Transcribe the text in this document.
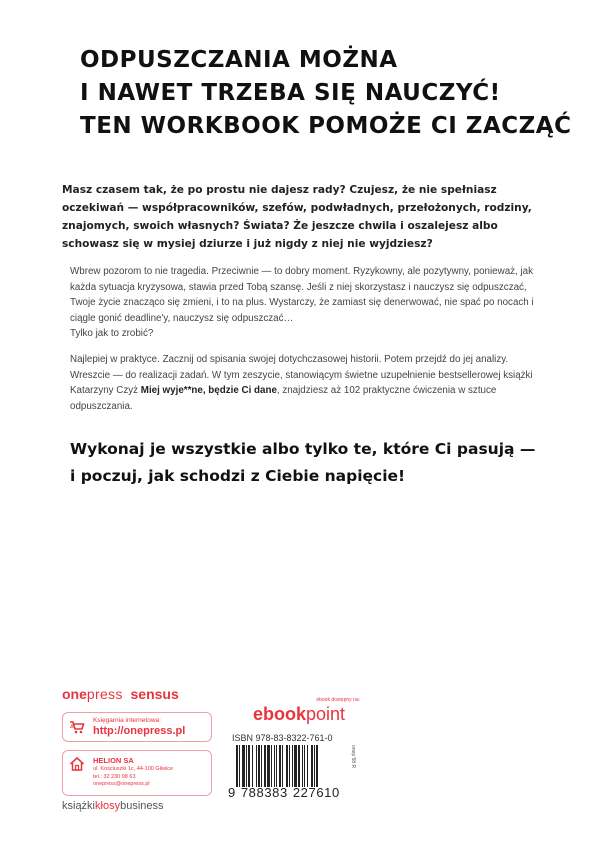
ODPUSZCZANIA MOŻNA
I NAWET TRZEBA SIĘ NAUCZYĆ!
TEN WORKBOOK POMOŻE CI ZACZĄĆ

Masz czasem tak, że po prostu nie dajesz rady? Czujesz, że nie spełniasz oczekiwań — współpracowników, szefów, podwładnych, przełożonych, rodziny, znajomych, swoich własnych? Świata? Że jeszcze chwila i oszalejesz albo schowasz się w mysiej dziurze i już nigdy z niej nie wyjdziesz?

Wbrew pozorom to nie tragedia. Przeciwnie — to dobry moment. Ryzykowny, ale pozytywny, ponieważ, jak każda sytuacja kryzysowa, stawia przed Tobą szansę. Jeśli z niej skorzystasz i nauczysz się odpuszczać, Twoje życie znacząco się zmieni, i to na plus. Wystarczy, że zamiast się denerwować, nie spać po nocach i ciągle gonić deadline'y, nauczysz się odpuszczać…
Tylko jak to zrobić?
Najlepiej w praktyce. Zacznij od spisania swojej dotychczasowej historii. Potem przejdź do jej analizy. Wreszcie — do realizacji zadań. W tym zeszycie, stanowiącym świetne uzupełnienie bestsellerowej książki Katarzyny Czyż Miej wyje**ne, będzie Ci dane, znajdziesz aż 102 praktyczne ćwiczenia w sztuce odpuszczania.
Wykonaj je wszystkie albo tylko te, które Ci pasują —
i poczuj, jak schodzi z Ciebie napięcie!
onepress sensus
Księgarnia internetowa:
http://onepress.pl
HELION SA
ul. Kościuszki 1c, 44-100 Gliwice
tel.: 32 230 98 63
onepress@onepress.pl
książkikłosybusiness
ebook dostępny na:
ebookpoint
ISBN 978-83-8322-761-0
onep 58 R
9 788383 227610
